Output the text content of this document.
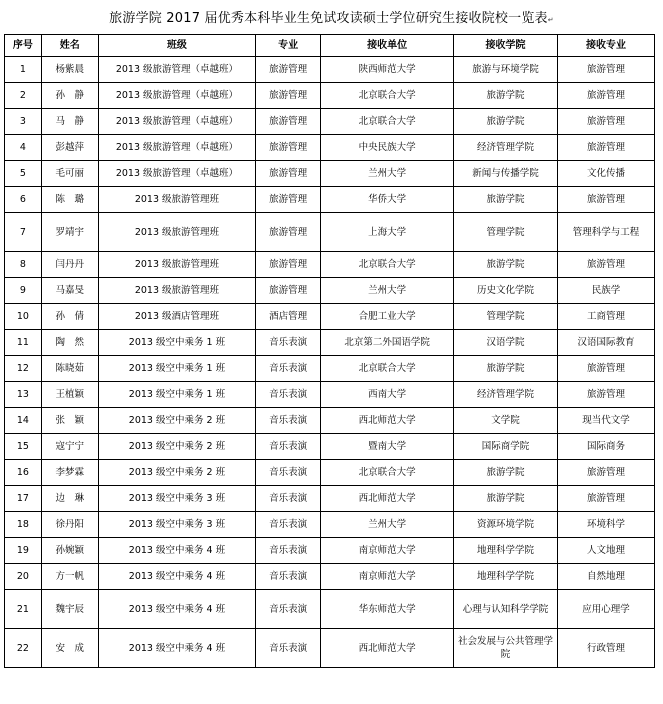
旅游学院 2017 届优秀本科毕业生免试攻读硕士学位研究生接收院校一览表↵
序号	姓名	班级	专业	接收单位	接收学院	接收专业
1	杨紫晨	2013 级旅游管理（卓越班）	旅游管理	陕西师范大学	旅游与环境学院	旅游管理
2	孙　静	2013 级旅游管理（卓越班）	旅游管理	北京联合大学	旅游学院	旅游管理
3	马　静	2013 级旅游管理（卓越班）	旅游管理	北京联合大学	旅游学院	旅游管理
4	彭越萍	2013 级旅游管理（卓越班）	旅游管理	中央民族大学	经济管理学院	旅游管理
5	毛可丽	2013 级旅游管理（卓越班）	旅游管理	兰州大学	新闻与传播学院	文化传播
6	陈　璐	2013 级旅游管理班	旅游管理	华侨大学	旅游学院	旅游管理
7	罗靖宇	2013 级旅游管理班	旅游管理	上海大学	管理学院	管理科学与工程
8	闫丹丹	2013 级旅游管理班	旅游管理	北京联合大学	旅游学院	旅游管理
9	马嘉旻	2013 级旅游管理班	旅游管理	兰州大学	历史文化学院	民族学
10	孙　倩	2013 级酒店管理班	酒店管理	合肥工业大学	管理学院	工商管理
11	陶　然	2013 级空中乘务 1 班	音乐表演	北京第二外国语学院	汉语学院	汉语国际教育
12	陈晓茹	2013 级空中乘务 1 班	音乐表演	北京联合大学	旅游学院	旅游管理
13	王植颖	2013 级空中乘务 1 班	音乐表演	西南大学	经济管理学院	旅游管理
14	张　颖	2013 级空中乘务 2 班	音乐表演	西北师范大学	文学院	现当代文学
15	寇宁宁	2013 级空中乘务 2 班	音乐表演	暨南大学	国际商学院	国际商务
16	李梦霖	2013 级空中乘务 2 班	音乐表演	北京联合大学	旅游学院	旅游管理
17	边　琳	2013 级空中乘务 3 班	音乐表演	西北师范大学	旅游学院	旅游管理
18	徐丹阳	2013 级空中乘务 3 班	音乐表演	兰州大学	资源环境学院	环境科学
19	孙婉颖	2013 级空中乘务 4 班	音乐表演	南京师范大学	地理科学学院	人文地理
20	方一帆	2013 级空中乘务 4 班	音乐表演	南京师范大学	地理科学学院	自然地理
21	魏宇辰	2013 级空中乘务 4 班	音乐表演	华东师范大学	心理与认知科学学院	应用心理学
22	安　成	2013 级空中乘务 4 班	音乐表演	西北师范大学	社会发展与公共管理学院	行政管理
